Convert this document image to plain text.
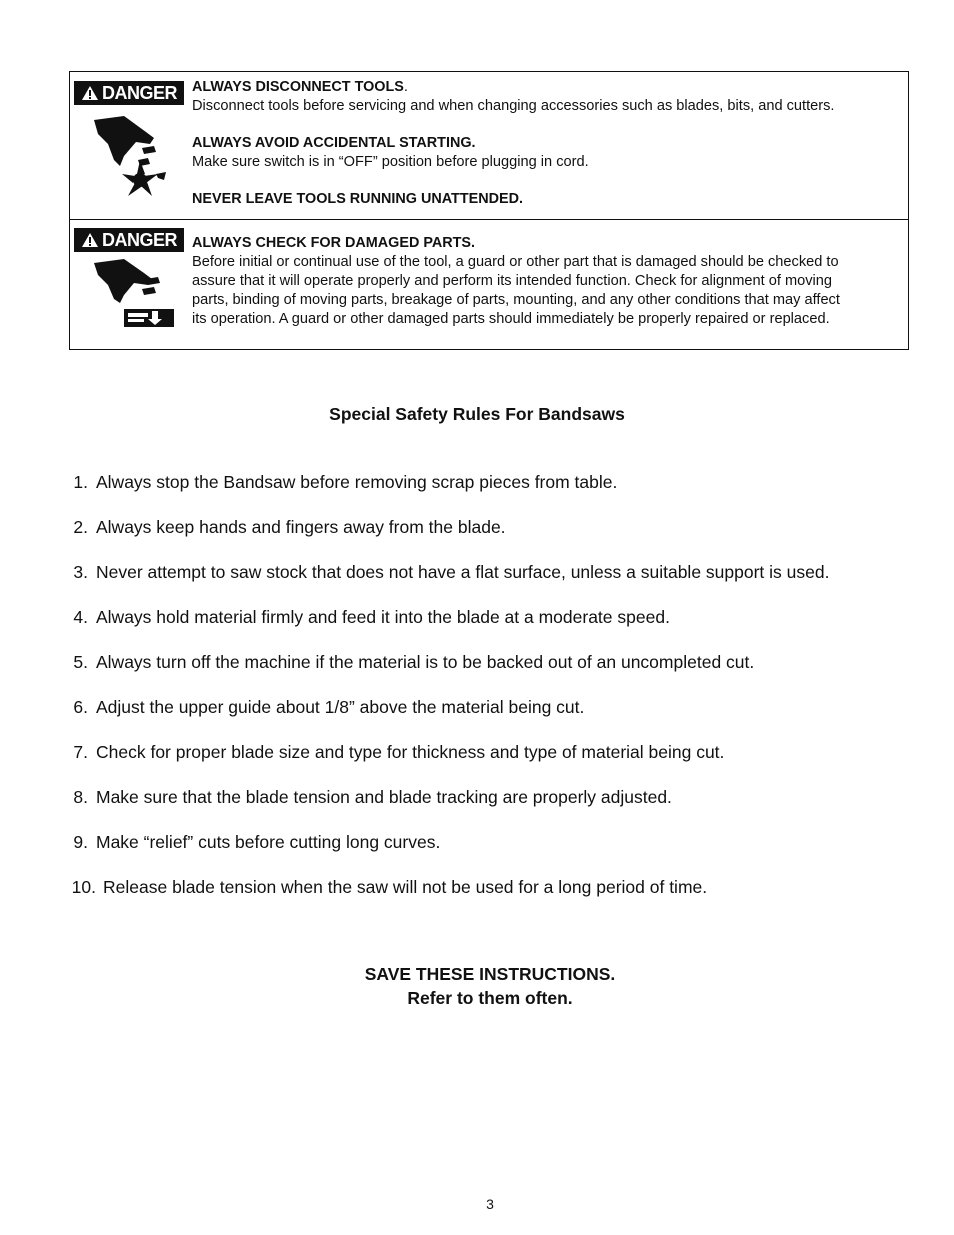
DANGER ALWAYS DISCONNECT TOOLS.
Disconnect tools before servicing and when changing accessories such as blades, bits, and cutters.
ALWAYS AVOID ACCIDENTAL STARTING.
Make sure switch is in “OFF” position before plugging in cord.
NEVER LEAVE TOOLS RUNNING UNATTENDED.
DANGER ALWAYS CHECK FOR DAMAGED PARTS.
Before initial or continual use of the tool, a guard or other part that is damaged should be checked to
assure that it will operate properly and perform its intended function. Check for alignment of moving
parts, binding of moving parts, breakage of parts, mounting, and any other conditions that may affect
its operation. A guard or other damaged parts should immediately be properly repaired or replaced.
Special Safety Rules For Bandsaws
1. Always stop the Bandsaw before removing scrap pieces from table.
2. Always keep hands and fingers away from the blade.
3. Never attempt to saw stock that does not have a flat surface, unless a suitable support is used.
4. Always hold material firmly and feed it into the blade at a moderate speed.
5. Always turn off the machine if the material is to be backed out of an uncompleted cut.
6. Adjust the upper guide about 1/8” above the material being cut.
7. Check for proper blade size and type for thickness and type of material being cut.
8. Make sure that the blade tension and blade tracking are properly adjusted.
9. Make “relief” cuts before cutting long curves.
10. Release blade tension when the saw will not be used for a long period of time.
SAVE THESE INSTRUCTIONS.
Refer to them often.
3
